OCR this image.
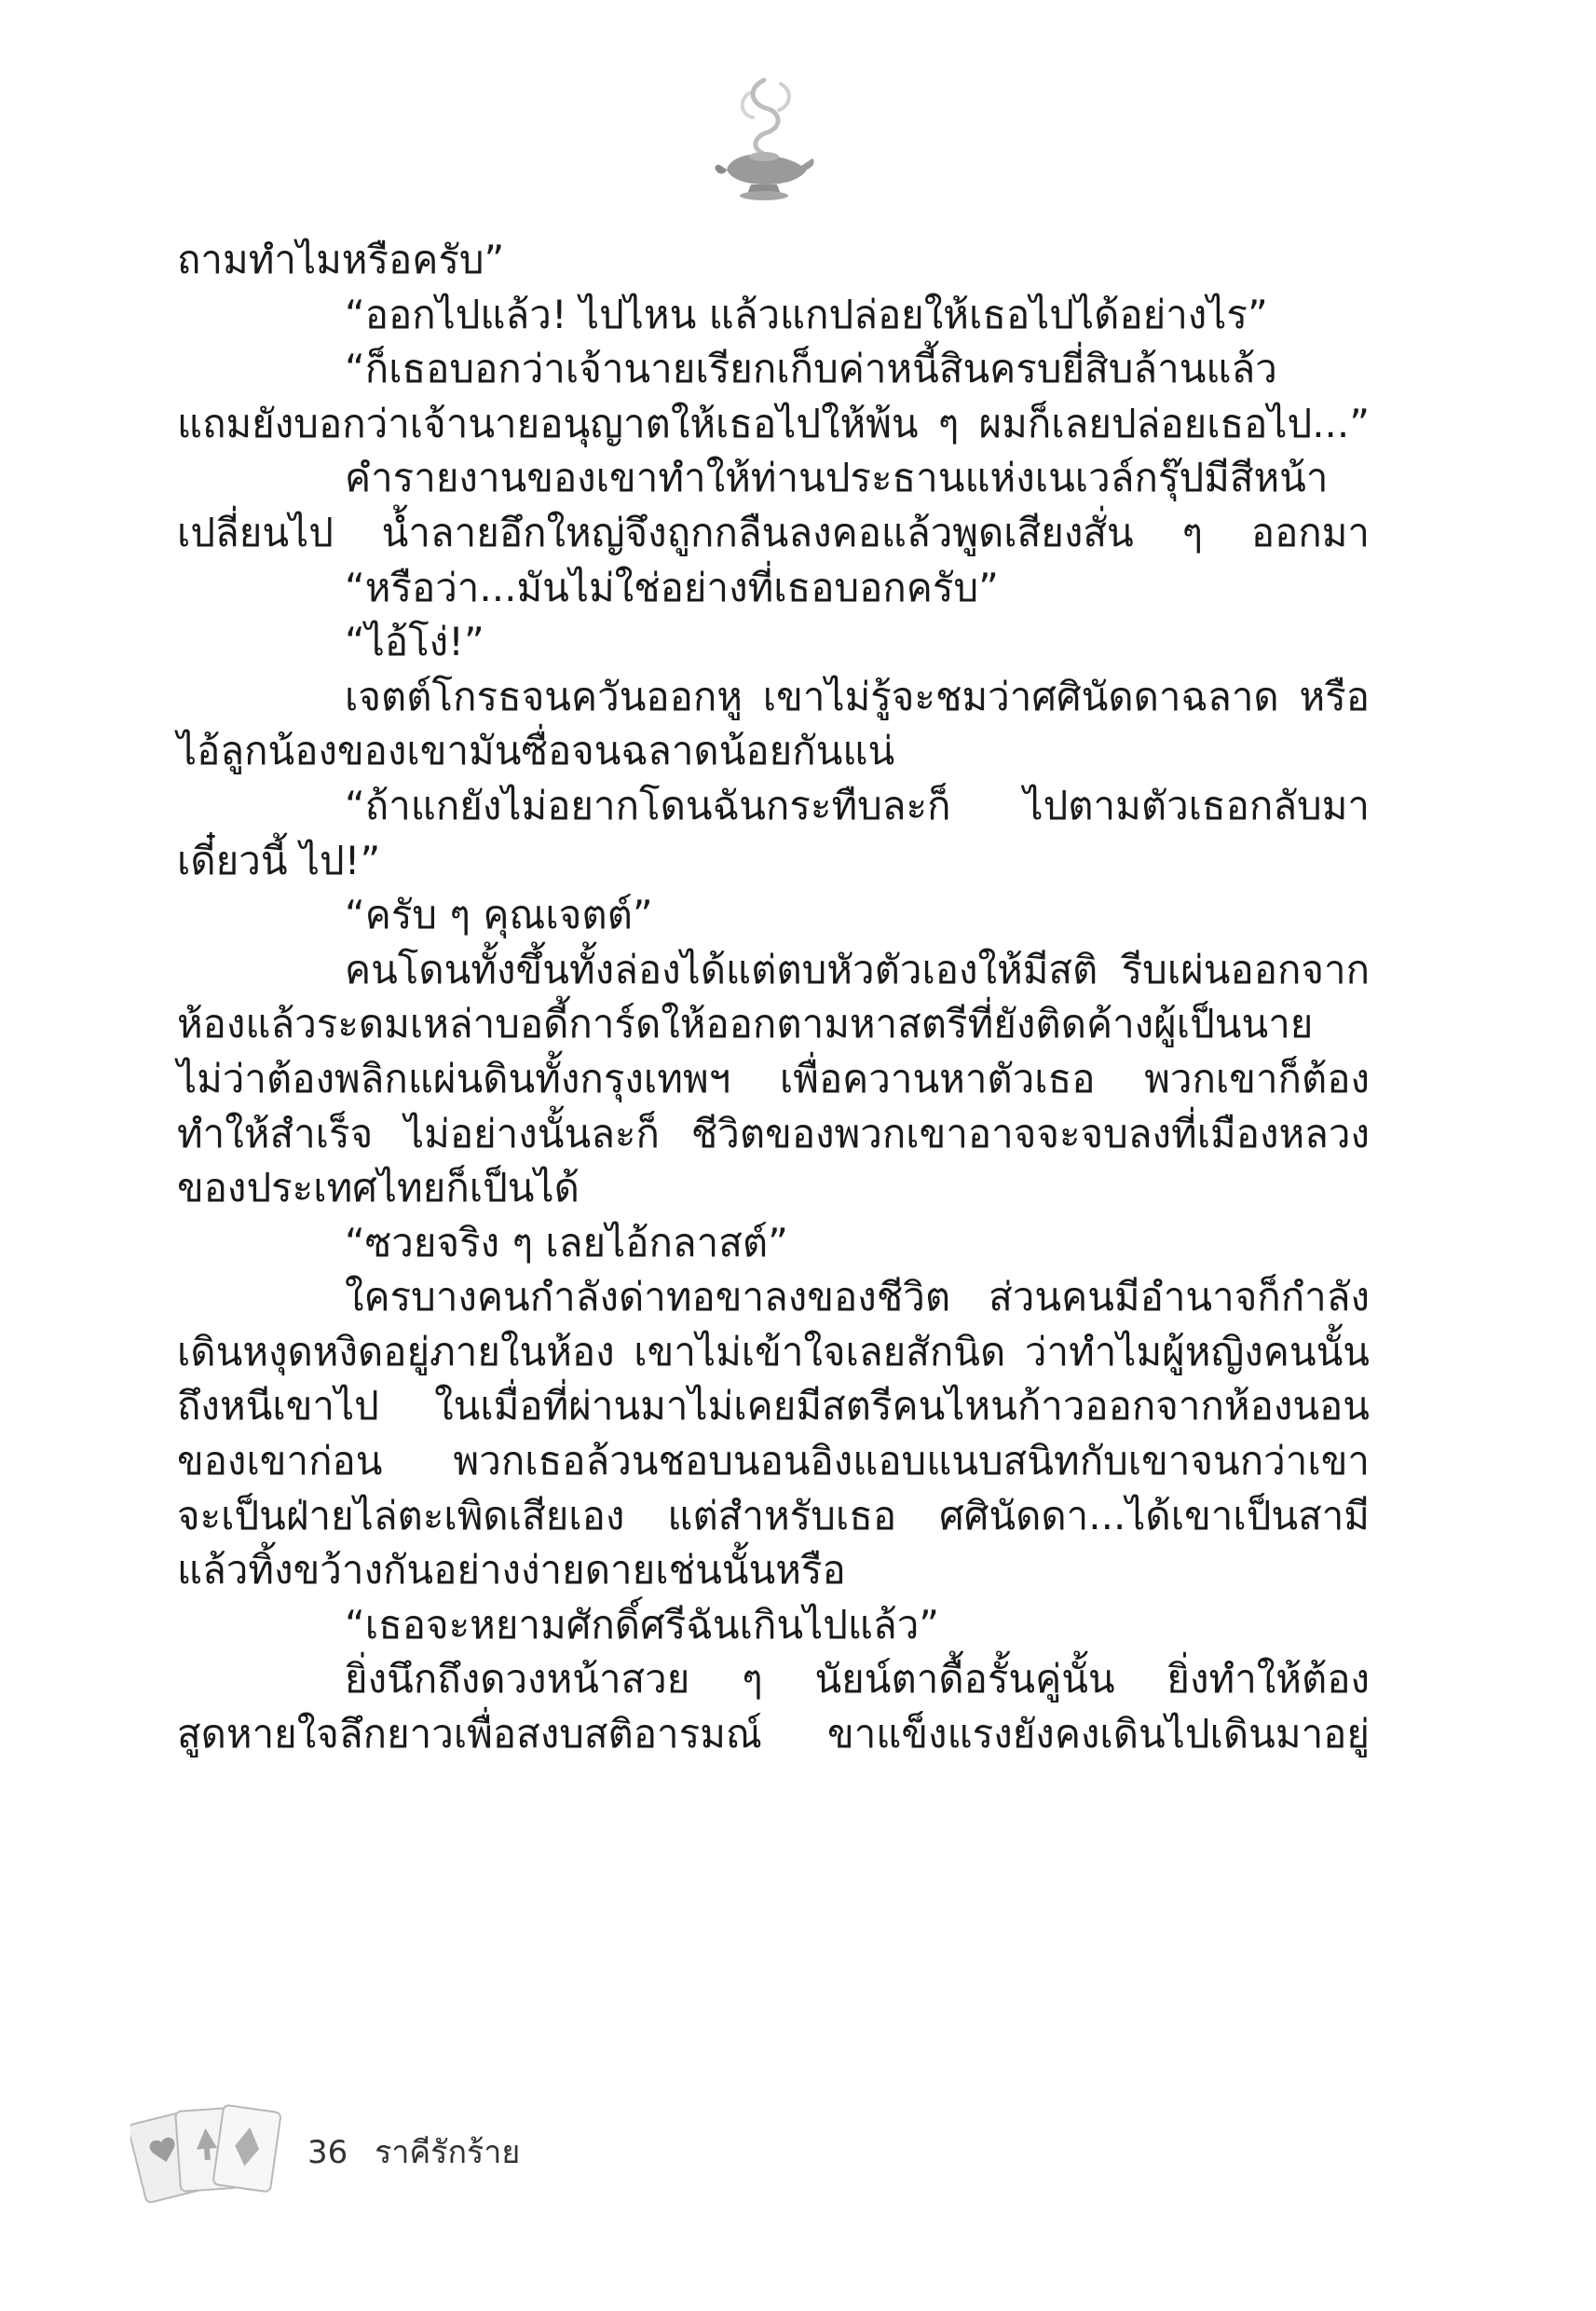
ถามทำไมหรือครับ”
“ออกไปแล้ว! ไปไหน แล้วแกปล่อยให้เธอไปได้อย่างไร”
“ก็เธอบอกว่าเจ้านายเรียกเก็บค่าหนี้สินครบยี่สิบล้านแล้ว
แถมยังบอกว่าเจ้านายอนุญาตให้เธอไปให้พ้น ๆ ผมก็เลยปล่อยเธอไป...”
คำรายงานของเขาทำให้ท่านประธานแห่งเนเวล์กรุ๊ปมีสีหน้า
เปลี่ยนไป น้ำลายอึกใหญ่จึงถูกกลืนลงคอแล้วพูดเสียงสั่น ๆ ออกมา
“หรือว่า...มันไม่ใช่อย่างที่เธอบอกครับ”
“ไอ้โง่!”
เจตต์โกรธจนควันออกหู เขาไม่รู้จะชมว่าศศินัดดาฉลาด หรือ
ไอ้ลูกน้องของเขามันซื่อจนฉลาดน้อยกันแน่
“ถ้าแกยังไม่อยากโดนฉันกระทืบละก็ ไปตามตัวเธอกลับมา
เดี๋ยวนี้ ไป!”
“ครับ ๆ คุณเจตต์”
คนโดนทั้งขึ้นทั้งล่องได้แต่ตบหัวตัวเองให้มีสติ รีบเผ่นออกจาก
ห้องแล้วระดมเหล่าบอดี้การ์ดให้ออกตามหาสตรีที่ยังติดค้างผู้เป็นนาย
ไม่ว่าต้องพลิกแผ่นดินทั้งกรุงเทพฯ เพื่อควานหาตัวเธอ พวกเขาก็ต้อง
ทำให้สำเร็จ ไม่อย่างนั้นละก็ ชีวิตของพวกเขาอาจจะจบลงที่เมืองหลวง
ของประเทศไทยก็เป็นได้
“ซวยจริง ๆ เลยไอ้กลาสต์”
ใครบางคนกำลังด่าทอขาลงของชีวิต ส่วนคนมีอำนาจก็กำลัง
เดินหงุดหงิดอยู่ภายในห้อง เขาไม่เข้าใจเลยสักนิด ว่าทำไมผู้หญิงคนนั้น
ถึงหนีเขาไป ในเมื่อที่ผ่านมาไม่เคยมีสตรีคนไหนก้าวออกจากห้องนอน
ของเขาก่อน พวกเธอล้วนชอบนอนอิงแอบแนบสนิทกับเขาจนกว่าเขา
จะเป็นฝ่ายไล่ตะเพิดเสียเอง แต่สำหรับเธอ ศศินัดดา...ได้เขาเป็นสามี
แล้วทิ้งขว้างกันอย่างง่ายดายเช่นนั้นหรือ
“เธอจะหยามศักดิ์ศรีฉันเกินไปแล้ว”
ยิ่งนึกถึงดวงหน้าสวย ๆ นัยน์ตาดื้อรั้นคู่นั้น ยิ่งทำให้ต้อง
สูดหายใจลึกยาวเพื่อสงบสติอารมณ์ ขาแข็งแรงยังคงเดินไปเดินมาอยู่
36 ราคีรักร้าย
